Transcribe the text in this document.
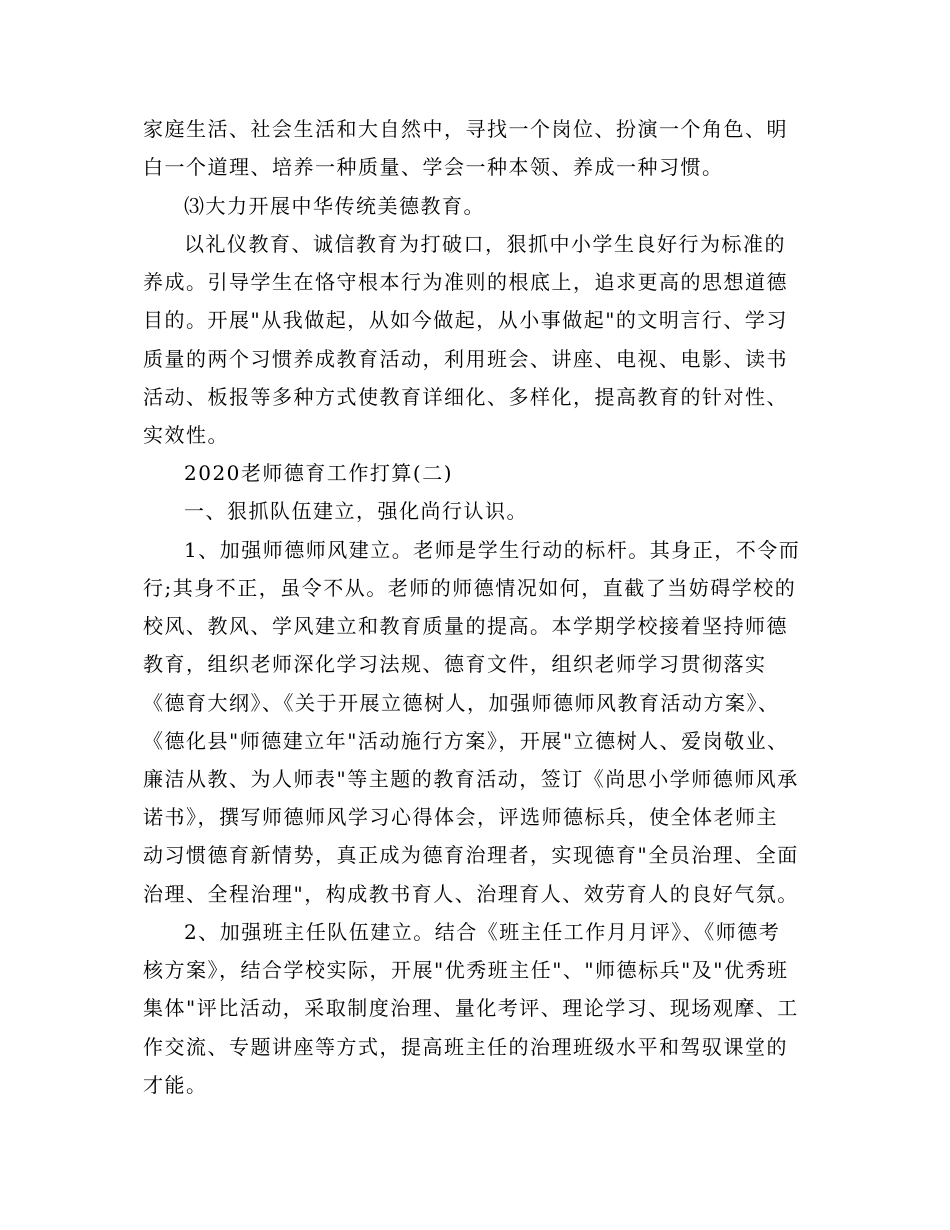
家庭生活、社会生活和大自然中，寻找一个岗位、扮演一个角色、明
白一个道理、培养一种质量、学会一种本领、养成一种习惯。
⑶大力开展中华传统美德教育。
以礼仪教育、诚信教育为打破口，狠抓中小学生良好行为标准的
养成。引导学生在恪守根本行为准则的根底上，追求更高的思想道德
目的。开展"从我做起，从如今做起，从小事做起"的文明言行、学习
质量的两个习惯养成教育活动，利用班会、讲座、电视、电影、读书
活动、板报等多种方式使教育详细化、多样化，提高教育的针对性、
实效性。
2020老师德育工作打算(二)
一、狠抓队伍建立，强化尚行认识。
1、加强师德师风建立。老师是学生行动的标杆。其身正，不令而
行;其身不正，虽令不从。老师的师德情况如何，直截了当妨碍学校的
校风、教风、学风建立和教育质量的提高。本学期学校接着坚持师德
教育，组织老师深化学习法规、德育文件，组织老师学习贯彻落实
《德育大纲》、《关于开展立德树人，加强师德师风教育活动方案》、
《德化县"师德建立年"活动施行方案》，开展"立德树人、爱岗敬业、
廉洁从教、为人师表"等主题的教育活动，签订《尚思小学师德师风承
诺书》，撰写师德师风学习心得体会，评选师德标兵，使全体老师主
动习惯德育新情势，真正成为德育治理者，实现德育"全员治理、全面
治理、全程治理"，构成教书育人、治理育人、效劳育人的良好气氛。
2、加强班主任队伍建立。结合《班主任工作月月评》、《师德考
核方案》，结合学校实际，开展"优秀班主任"、"师德标兵"及"优秀班
集体"评比活动，采取制度治理、量化考评、理论学习、现场观摩、工
作交流、专题讲座等方式，提高班主任的治理班级水平和驾驭课堂的
才能。
